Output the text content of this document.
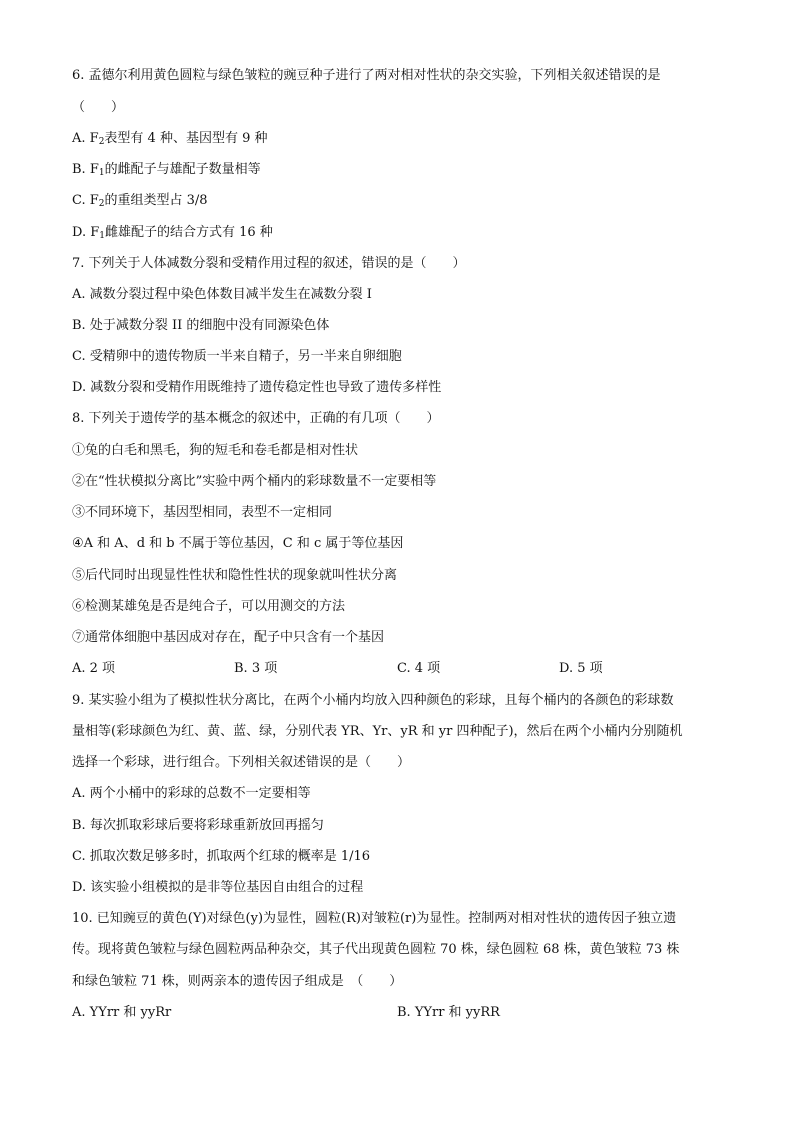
6. 孟德尔利用黄色圆粒与绿色皱粒的豌豆种子进行了两对相对性状的杂交实验，下列相关叙述错误的是
（　　）
A. $F_2$表型有 4 种、基因型有 9 种
B. $F_1$的雌配子与雄配子数量相等
C. $F_2$的重组类型占 3/8
D. $F_1$雌雄配子的结合方式有 16 种
7. 下列关于人体减数分裂和受精作用过程的叙述，错误的是（　　）
A. 减数分裂过程中染色体数目减半发生在减数分裂 I
B. 处于减数分裂 II 的细胞中没有同源染色体
C. 受精卵中的遗传物质一半来自精子，另一半来自卵细胞
D. 减数分裂和受精作用既维持了遗传稳定性也导致了遗传多样性
8. 下列关于遗传学的基本概念的叙述中，正确的有几项（　　）
①兔的白毛和黑毛，狗的短毛和卷毛都是相对性状
②在“性状模拟分离比”实验中两个桶内的彩球数量不一定要相等
③不同环境下，基因型相同，表型不一定相同
④A 和 A、d 和 b 不属于等位基因，C 和 c 属于等位基因
⑤后代同时出现显性性状和隐性性状的现象就叫性状分离
⑥检测某雄兔是否是纯合子，可以用测交的方法
⑦通常体细胞中基因成对存在，配子中只含有一个基因
A. 2 项	B. 3 项	C. 4 项	D. 5 项
9. 某实验小组为了模拟性状分离比，在两个小桶内均放入四种颜色的彩球，且每个桶内的各颜色的彩球数
量相等(彩球颜色为红、黄、蓝、绿，分别代表 YR、Yr、yR 和 yr 四种配子)，然后在两个小桶内分别随机
选择一个彩球，进行组合。下列相关叙述错误的是（　　）
A. 两个小桶中的彩球的总数不一定要相等
B. 每次抓取彩球后要将彩球重新放回再摇匀
C. 抓取次数足够多时，抓取两个红球的概率是 1/16
D. 该实验小组模拟的是非等位基因自由组合的过程
10. 已知豌豆的黄色(Y)对绿色(y)为显性，圆粒(R)对皱粒(r)为显性。控制两对相对性状的遗传因子独立遗
传。现将黄色皱粒与绿色圆粒两品种杂交，其子代出现黄色圆粒 70 株，绿色圆粒 68 株，黄色皱粒 73 株
和绿色皱粒 71 株，则两亲本的遗传因子组成是　（　　）
A. YYrr 和 yyRr	B. YYrr 和 yyRR
